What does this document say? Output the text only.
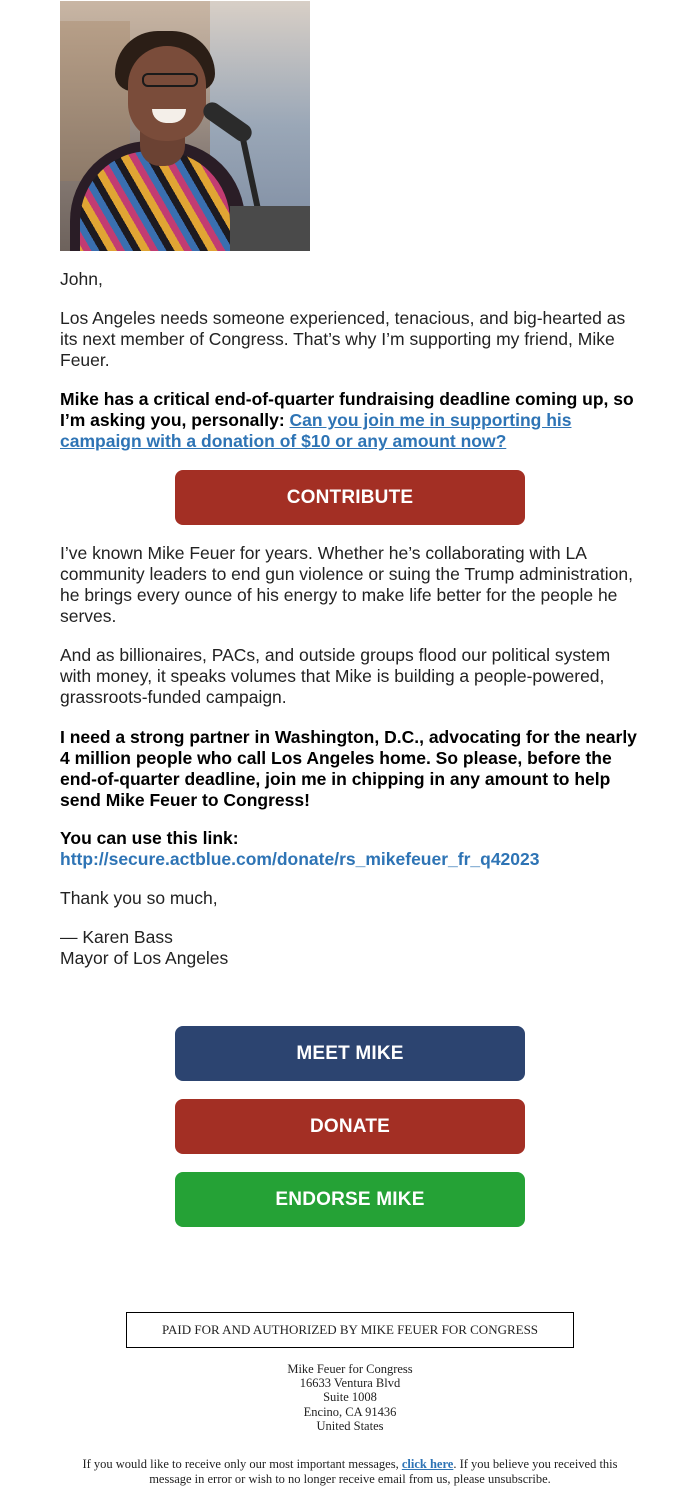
John,
Los Angeles needs someone experienced, tenacious, and big-hearted as its next member of Congress. That’s why I’m supporting my friend, Mike Feuer.
Mike has a critical end-of-quarter fundraising deadline coming up, so I’m asking you, personally: Can you join me in supporting his campaign with a donation of $10 or any amount now?
CONTRIBUTE
I’ve known Mike Feuer for years. Whether he’s collaborating with LA community leaders to end gun violence or suing the Trump administration, he brings every ounce of his energy to make life better for the people he serves.
And as billionaires, PACs, and outside groups flood our political system with money, it speaks volumes that Mike is building a people-powered, grassroots-funded campaign.
I need a strong partner in Washington, D.C., advocating for the nearly 4 million people who call Los Angeles home. So please, before the end-of-quarter deadline, join me in chipping in any amount to help send Mike Feuer to Congress!
You can use this link:
http://secure.actblue.com/donate/rs_mikefeuer_fr_q42023
Thank you so much,
— Karen Bass
Mayor of Los Angeles
MEET MIKE
DONATE
ENDORSE MIKE
PAID FOR AND AUTHORIZED BY MIKE FEUER FOR CONGRESS
Mike Feuer for Congress
16633 Ventura Blvd
Suite 1008
Encino, CA 91436
United States
If you would like to receive only our most important messages, click here. If you believe you received this message in error or wish to no longer receive email from us, please unsubscribe.
